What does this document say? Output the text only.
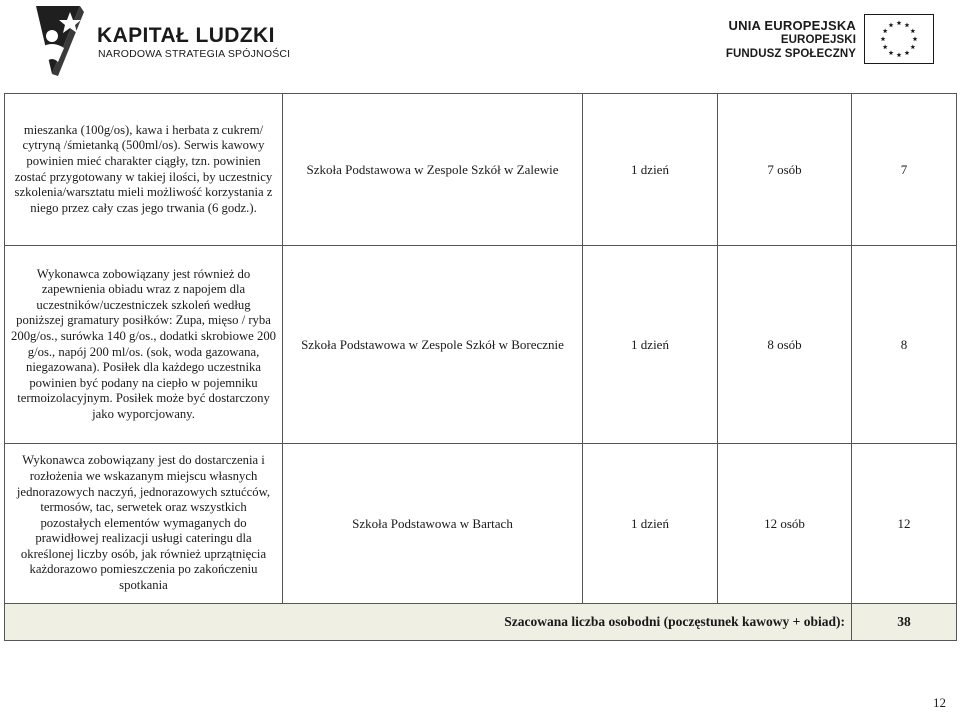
KAPITAŁ LUDZKI
NARODOWA STRATEGIA SPÓJNOŚCI
UNIA EUROPEJSKA
EUROPEJSKI
FUNDUSZ SPOŁECZNY
mieszanka (100g/os), kawa i herbata z cukrem/ cytryną /śmietanką (500ml/os). Serwis kawowy powinien mieć charakter ciągły, tzn. powinien zostać przygotowany w takiej ilości, by uczestnicy szkolenia/warsztatu mieli możliwość korzystania z niego przez cały czas jego trwania (6 godz.).	Szkoła Podstawowa w Zespole Szkół w Zalewie	1 dzień	7 osób	7
Wykonawca zobowiązany jest również do zapewnienia obiadu wraz z napojem dla uczestników/uczestniczek szkoleń według poniższej gramatury posiłków: Zupa, mięso / ryba 200g/os., surówka 140 g/os., dodatki skrobiowe 200 g/os., napój 200 ml/os. (sok, woda gazowana, niegazowana). Posiłek dla każdego uczestnika powinien być podany na ciepło w pojemniku termoizolacyjnym. Posiłek może być dostarczony jako wyporcjowany.	Szkoła Podstawowa w Zespole Szkół w Borecznie	1 dzień	8 osób	8
Wykonawca zobowiązany jest do dostarczenia i rozłożenia we wskazanym miejscu własnych jednorazowych naczyń, jednorazowych sztućców, termosów, tac, serwetek oraz wszystkich pozostałych elementów wymaganych do prawidłowej realizacji usługi cateringu dla określonej liczby osób, jak również uprzątnięcia każdorazowo pomieszczenia po zakończeniu spotkania	Szkoła Podstawowa w Bartach	1 dzień	12 osób	12
Szacowana liczba osobodni (poczęstunek kawowy + obiad):				38
12
